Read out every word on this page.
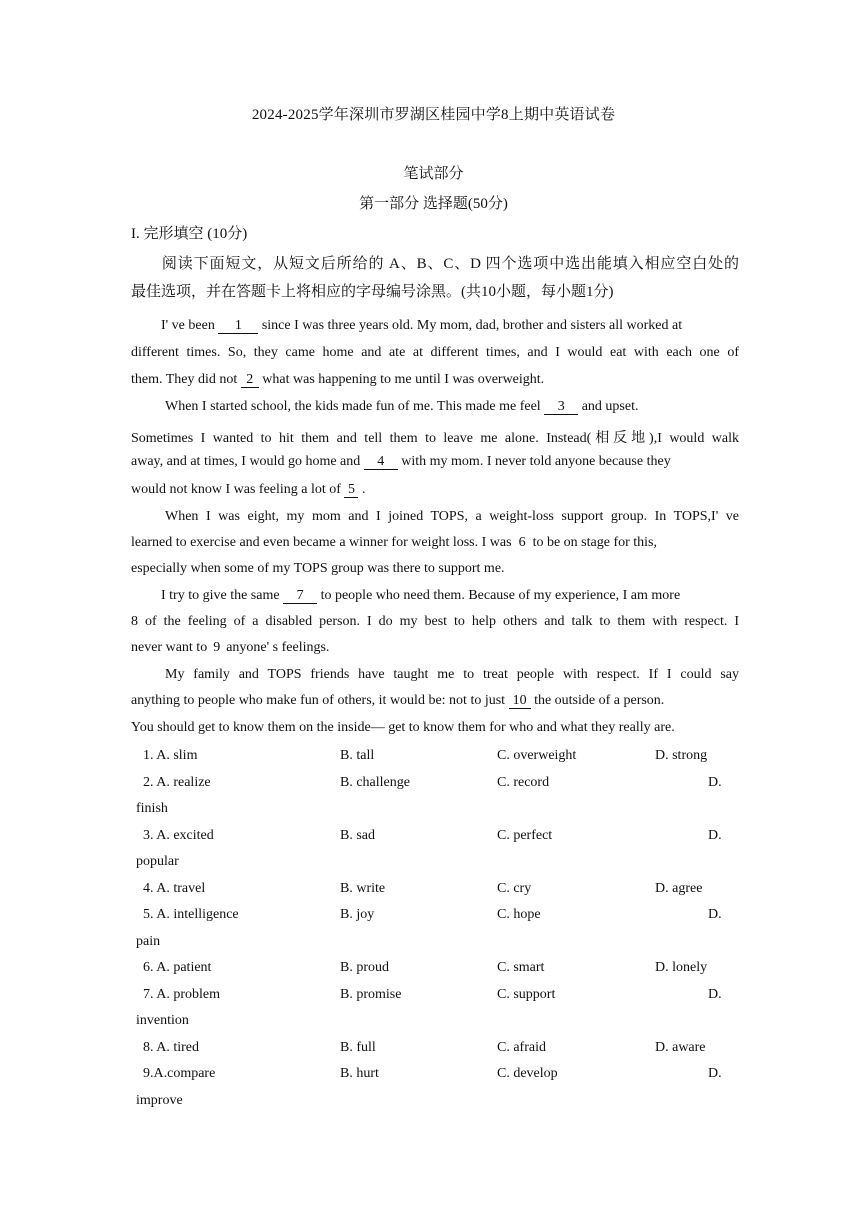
2024-2025学年深圳市罗湖区桂园中学8上期中英语试卷
笔试部分
第一部分 选择题(50分)
I. 完形填空 (10分)
阅读下面短文，从短文后所给的 A、B、C、D 四个选项中选出能填入相应空白处的
最佳选项，并在答题卡上将相应的字母编号涂黑。(共10小题，每小题1分)
I' ve been 1 since I was three years old. My mom, dad, brother and sisters all worked at
different times. So, they came home and ate at different times, and I would eat with each one of
them. They did not 2 what was happening to me until I was overweight.
When I started school, the kids made fun of me. This made me feel 3 and upset.
Sometimes I wanted to hit them and tell them to leave me alone. Instead(相反地),I would walk
away, and at times, I would go home and 4 with my mom. I never told anyone because they
would not know I was feeling a lot of 5 .
When I was eight, my mom and I joined TOPS, a weight-loss support group. In TOPS,I' ve
learned to exercise and even became a winner for weight loss. I was 6 to be on stage for this,
especially when some of my TOPS group was there to support me.
I try to give the same 7 to people who need them. Because of my experience, I am more
8 of the feeling of a disabled person. I do my best to help others and talk to them with respect. I
never want to 9 anyone' s feelings.
My family and TOPS friends have taught me to treat people with respect. If I could say
anything to people who make fun of others, it would be: not to just 10 the outside of a person.
You should get to know them on the inside— get to know them for who and what they really are.
1. A. slim	B. tall	C. overweight	D. strong
2. A. realize	B. challenge	C. record	D.
finish
3. A. excited	B. sad	C. perfect	D.
popular
4. A. travel	B. write	C. cry	D. agree
5. A. intelligence	B. joy	C. hope	D.
pain
6. A. patient	B. proud	C. smart	D. lonely
7. A. problem	B. promise	C. support	D.
invention
8. A. tired	B. full	C. afraid	D. aware
9.A.compare	B. hurt	C. develop	D.
improve
